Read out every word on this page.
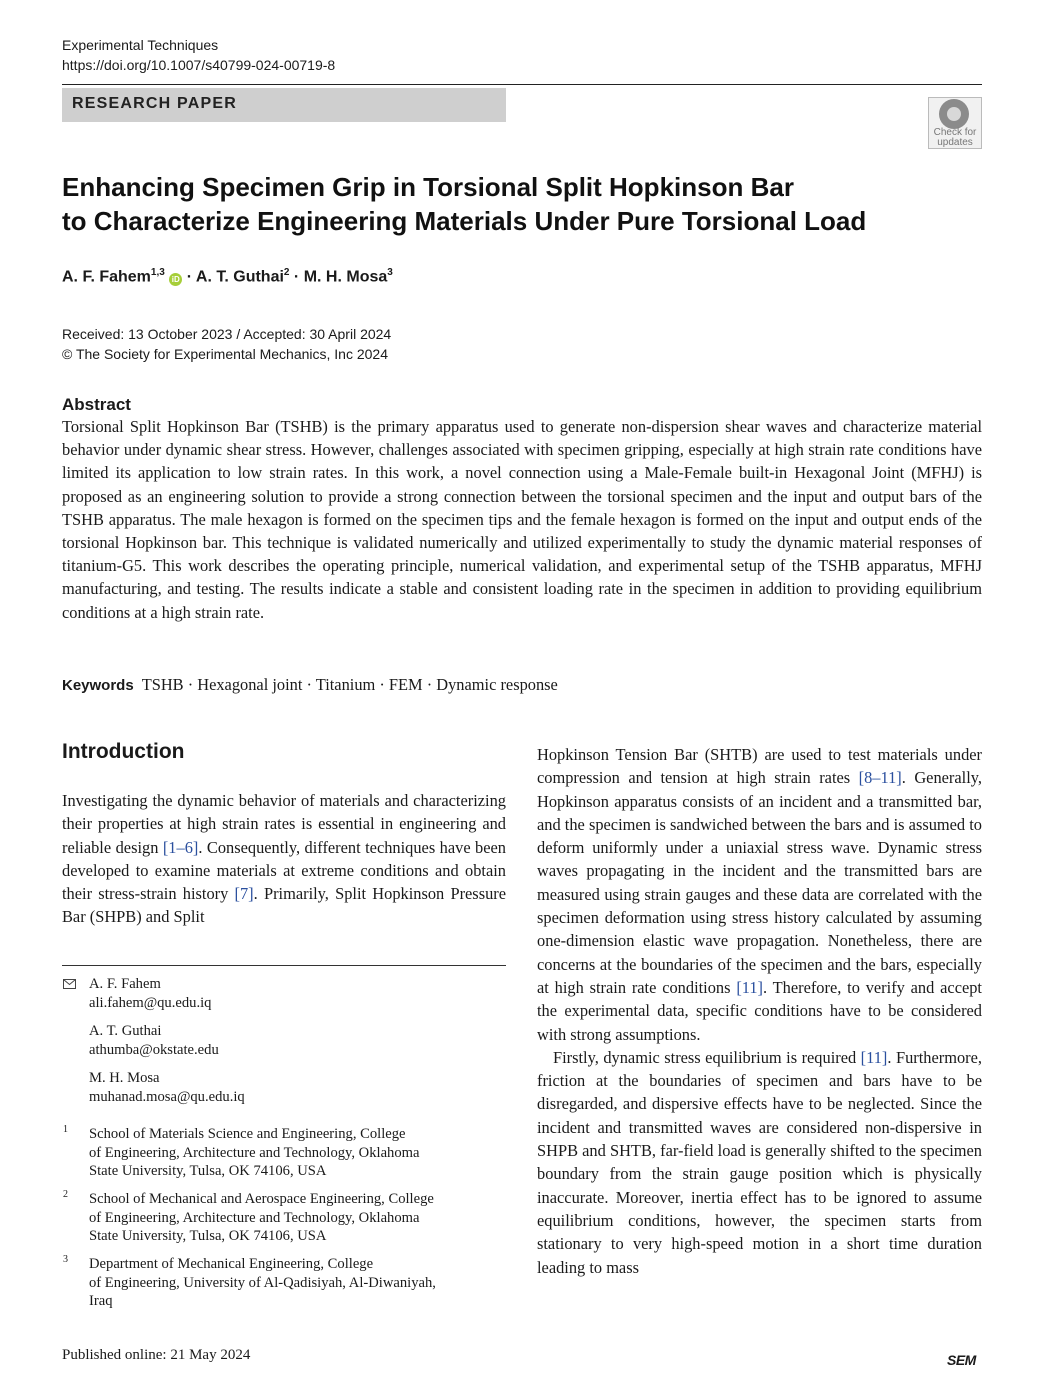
Experimental Techniques
https://doi.org/10.1007/s40799-024-00719-8
RESEARCH PAPER
Check for
updates
Enhancing Specimen Grip in Torsional Split Hopkinson Bar
to Characterize Engineering Materials Under Pure Torsional Load
A. F. Fahem$^{1,3}$ iD · A. T. Guthai$^2$ · M. H. Mosa$^3$
Received: 13 October 2023 / Accepted: 30 April 2024
© The Society for Experimental Mechanics, Inc 2024
Abstract
Torsional Split Hopkinson Bar (TSHB) is the primary apparatus used to generate non-dispersion shear waves and characterize material behavior under dynamic shear stress. However, challenges associated with specimen gripping, especially at high strain rate conditions have limited its application to low strain rates. In this work, a novel connection using a Male-Female built-in Hexagonal Joint (MFHJ) is proposed as an engineering solution to provide a strong connection between the torsional specimen and the input and output bars of the TSHB apparatus. The male hexagon is formed on the specimen tips and the female hexagon is formed on the input and output ends of the torsional Hopkinson bar. This technique is validated numerically and utilized experimentally to study the dynamic material responses of titanium-G5. This work describes the operating principle, numerical validation, and experimental setup of the TSHB apparatus, MFHJ manufacturing, and testing. The results indicate a stable and consistent loading rate in the specimen in addition to providing equilibrium conditions at a high strain rate.
Keywords TSHB · Hexagonal joint · Titanium · FEM · Dynamic response
Introduction
Investigating the dynamic behavior of materials and characterizing their properties at high strain rates is essential in engineering and reliable design [1–6]. Consequently, different techniques have been developed to examine materials at extreme conditions and obtain their stress-strain history [7]. Primarily, Split Hopkinson Pressure Bar (SHPB) and Split
Hopkinson Tension Bar (SHTB) are used to test materials under compression and tension at high strain rates [8–11]. Generally, Hopkinson apparatus consists of an incident and a transmitted bar, and the specimen is sandwiched between the bars and is assumed to deform uniformly under a uniaxial stress wave. Dynamic stress waves propagating in the incident and the transmitted bars are measured using strain gauges and these data are correlated with the specimen deformation using stress history calculated by assuming one-dimension elastic wave propagation. Nonetheless, there are concerns at the boundaries of the specimen and the bars, especially at high strain rate conditions [11]. Therefore, to verify and accept the experimental data, specific conditions have to be considered with strong assumptions.
Firstly, dynamic stress equilibrium is required [11]. Furthermore, friction at the boundaries of specimen and bars have to be disregarded, and dispersive effects have to be neglected. Since the incident and transmitted waves are considered non-dispersive in SHPB and SHTB, far-field load is generally shifted to the specimen boundary from the strain gauge position which is physically inaccurate. Moreover, inertia effect has to be ignored to assume equilibrium conditions, however, the specimen starts from stationary to very high-speed motion in a short time duration leading to mass
A. F. Fahem
ali.fahem@qu.edu.iq
A. T. Guthai
athumba@okstate.edu
M. H. Mosa
muhanad.mosa@qu.edu.iq
1 School of Materials Science and Engineering, College
of Engineering, Architecture and Technology, Oklahoma
State University, Tulsa, OK 74106, USA
2 School of Mechanical and Aerospace Engineering, College
of Engineering, Architecture and Technology, Oklahoma
State University, Tulsa, OK 74106, USA
3 Department of Mechanical Engineering, College
of Engineering, University of Al-Qadisiyah, Al-Diwaniyah,
Iraq
Published online: 21 May 2024	SEM
